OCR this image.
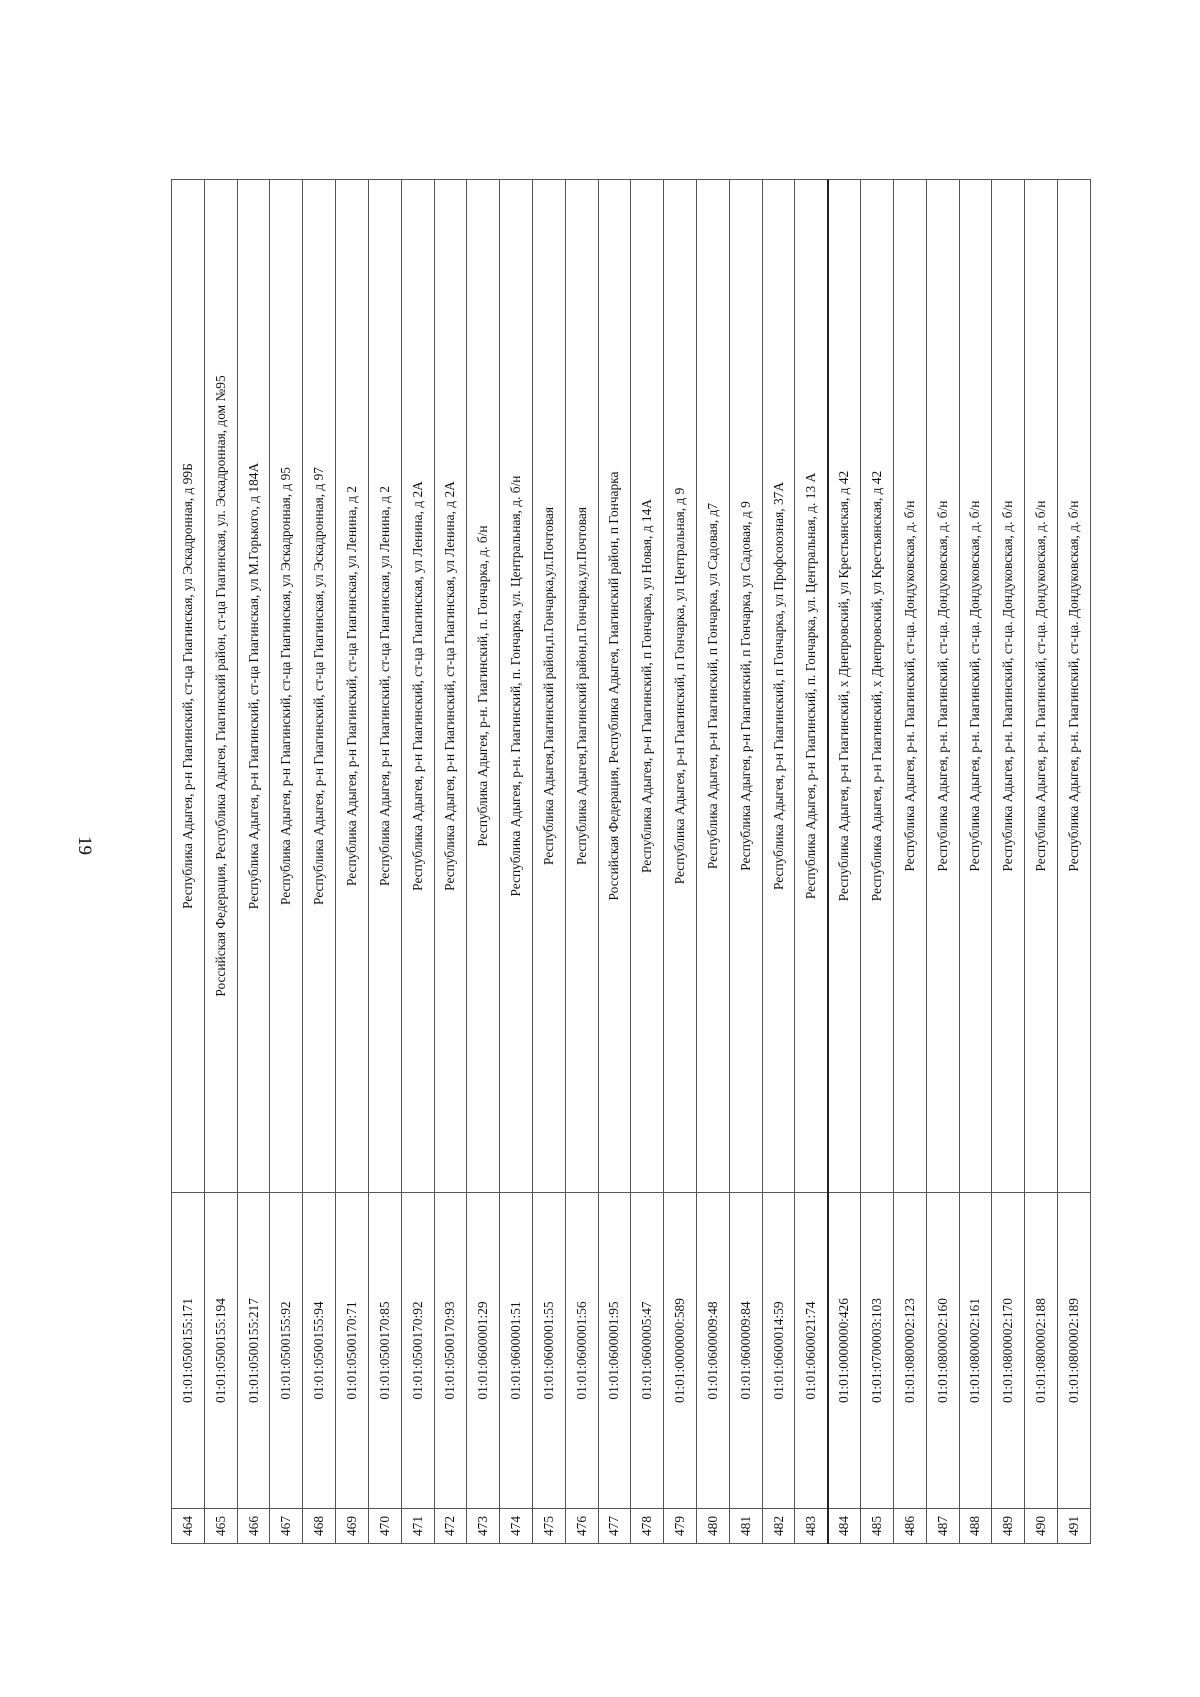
19
464	01:01:0500155:171	Республика Адыгея, р-н Гиагинский, ст-ца Гиагинская, ул Эскадронная, д 99Б
465	01:01:0500155:194	Российская Федерация, Республика Адыгея, Гиагинский район, ст-ца Гиагинская, ул. Эскадронная, дом №95
466	01:01:0500155:217	Республика Адыгея, р-н Гиагинский, ст-ца Гиагинская, ул М.Горького, д 184А
467	01:01:0500155:92	Республика Адыгея, р-н Гиагинский, ст-ца Гиагинская, ул Эскадронная, д 95
468	01:01:0500155:94	Республика Адыгея, р-н Гиагинский, ст-ца Гиагинская, ул Эскадронная, д 97
469	01:01:0500170:71	Республика Адыгея, р-н Гиагинский, ст-ца Гиагинская, ул Ленина, д 2
470	01:01:0500170:85	Республика Адыгея, р-н Гиагинский, ст-ца Гиагинская, ул Ленина, д 2
471	01:01:0500170:92	Республика Адыгея, р-н Гиагинский, ст-ца Гиагинская, ул Ленина, д 2А
472	01:01:0500170:93	Республика Адыгея, р-н Гиагинский, ст-ца Гиагинская, ул Ленина, д 2А
473	01:01:0600001:29	Республика Адыгея, р-н. Гиагинский, п. Гончарка, д. б/н
474	01:01:0600001:51	Республика Адыгея, р-н. Гиагинский, п. Гончарка, ул. Центральная, д. б/н
475	01:01:0600001:55	Республика Адыгея,Гиагинский район,п.Гончарка,ул.Почтовая
476	01:01:0600001:56	Республика Адыгея,Гиагинский район,п.Гончарка,ул.Почтовая
477	01:01:0600001:95	Российская Федерация, Республика Адыгея, Гиагинский район, п Гончарка
478	01:01:0600005:47	Республика Адыгея, р-н Гиагинский, п Гончарка, ул Новая, д 14А
479	01:01:0000000:589	Республика Адыгея, р-н Гиагинский, п Гончарка, ул Центральная, д 9
480	01:01:0600009:48	Республика Адыгея, р-н Гиагинский, п Гончарка, ул Садовая, д7
481	01:01:0600009:84	Республика Адыгея, р-н Гиагинский, п Гончарка, ул Садовая, д 9
482	01:01:0600014:59	Республика Адыгея, р-н Гиагинский, п Гончарка, ул Профсоюзная, 37А
483	01:01:0600021:74	Республика Адыгея, р-н Гиагинский, п. Гончарка, ул. Центральная, д. 13 А
484	01:01:0000000:426	Республика Адыгея, р-н Гиагинский, х Днепровский, ул Крестьянская, д 42
485	01:01:0700003:103	Республика Адыгея, р-н Гиагинский, х Днепровский, ул Крестьянская, д 42
486	01:01:0800002:123	Республика Адыгея, р-н. Гиагинский, ст-ца. Дондуковская, д. б/н
487	01:01:0800002:160	Республика Адыгея, р-н. Гиагинский, ст-ца. Дондуковская, д. б/н
488	01:01:0800002:161	Республика Адыгея, р-н. Гиагинский, ст-ца. Дондуковская, д. б/н
489	01:01:0800002:170	Республика Адыгея, р-н. Гиагинский, ст-ца. Дондуковская, д. б/н
490	01:01:0800002:188	Республика Адыгея, р-н. Гиагинский, ст-ца. Дондуковская, д. б/н
491	01:01:0800002:189	Республика Адыгея, р-н. Гиагинский, ст-ца. Дондуковская, д. б/н
